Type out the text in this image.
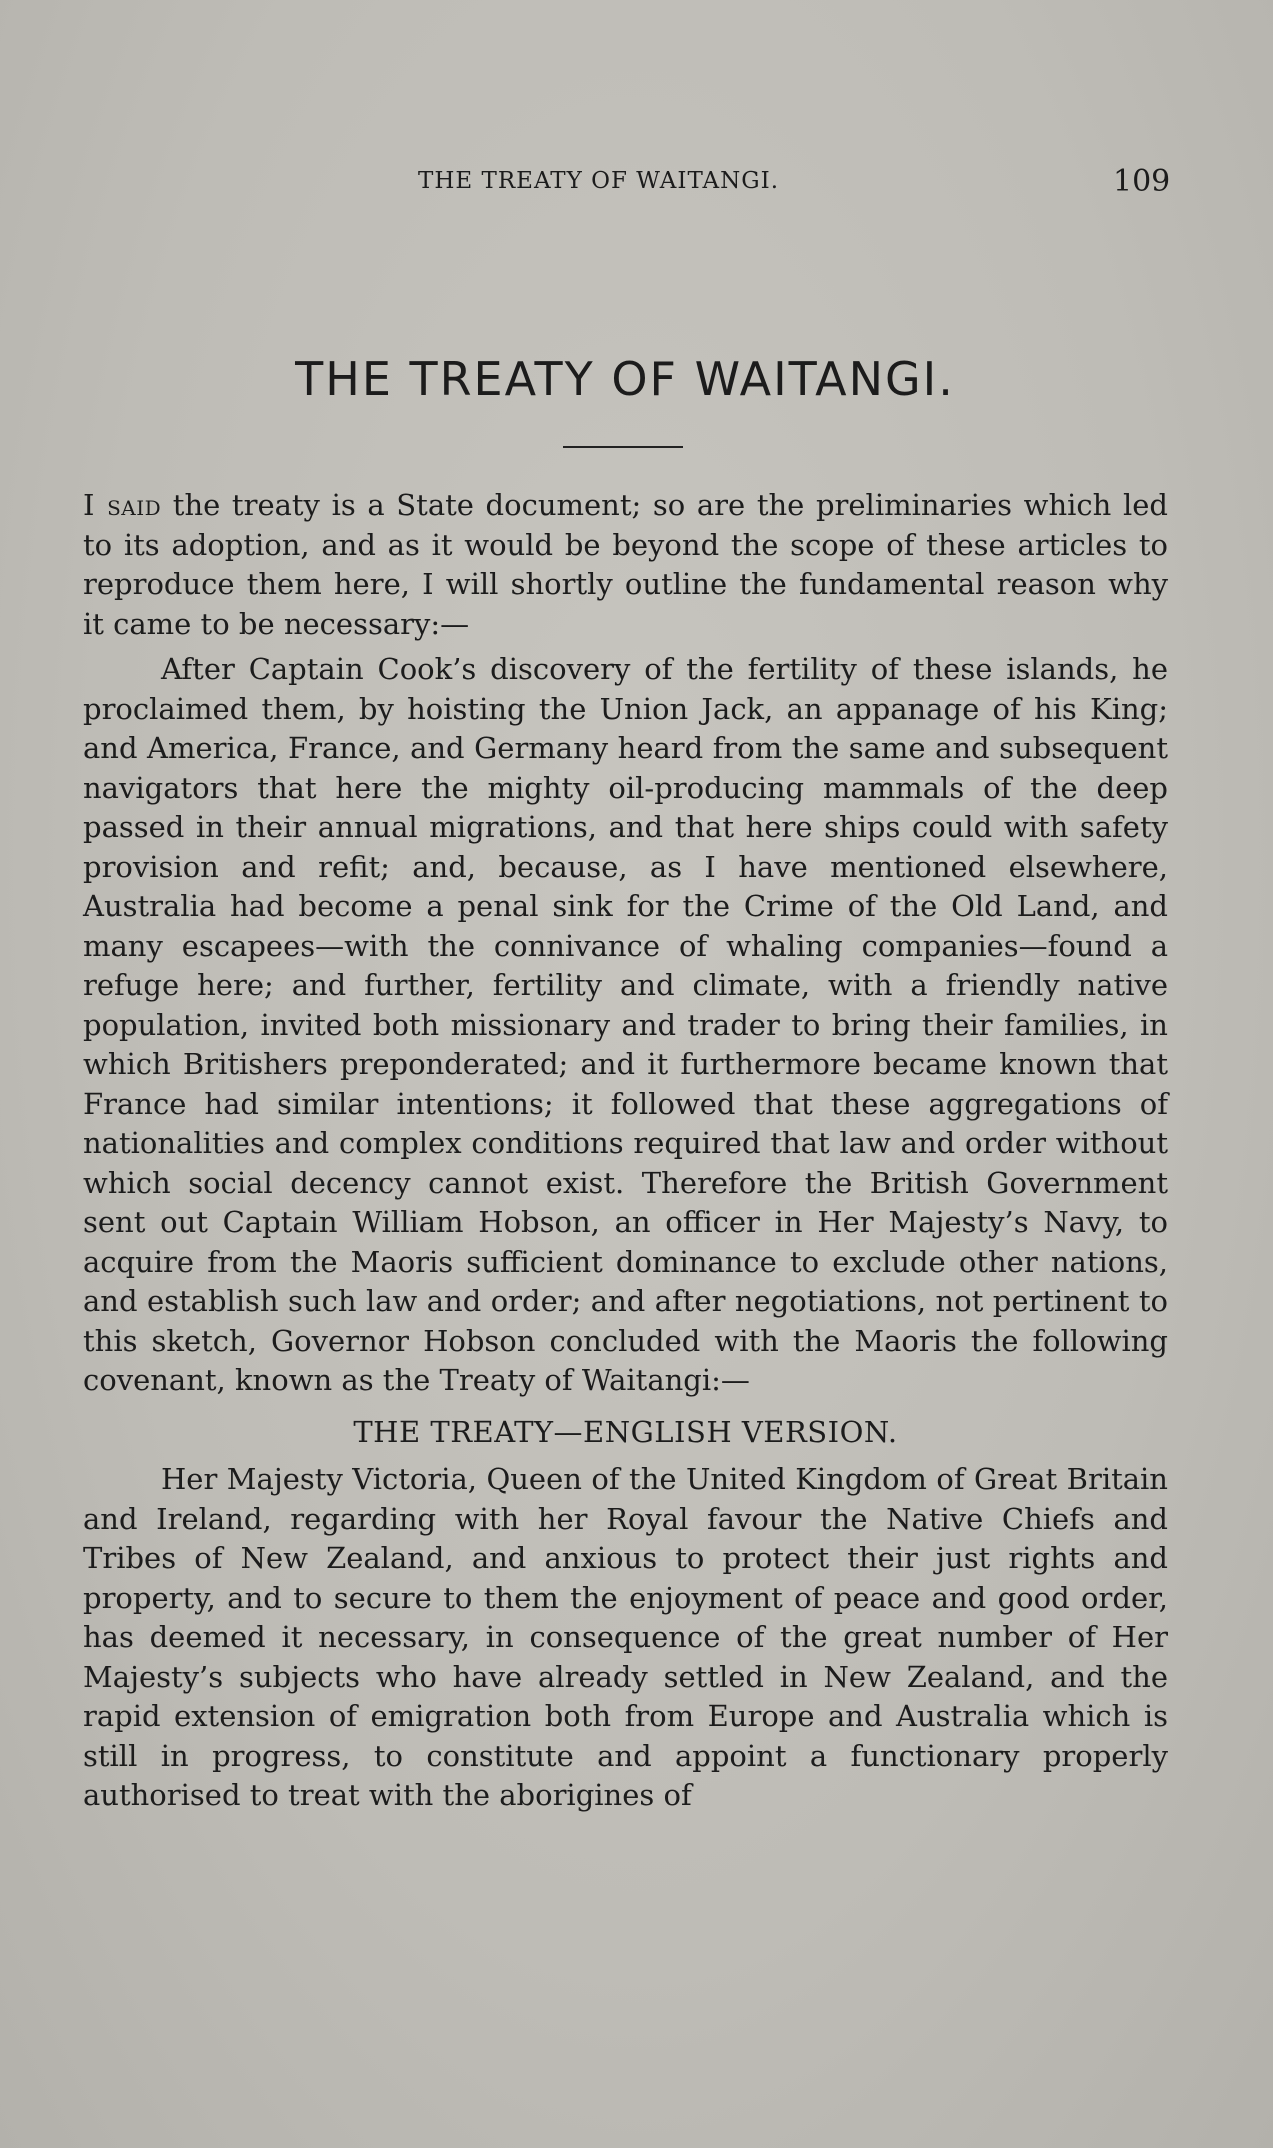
THE TREATY OF WAITANGI.	109
THE TREATY OF WAITANGI.

I said the treaty is a State document; so are the preliminaries which led to its adoption, and as it would be beyond the scope of these articles to reproduce them here, I will shortly outline the fundamental reason why it came to be necessary:—

After Captain Cook’s discovery of the fertility of these islands, he proclaimed them, by hoisting the Union Jack, an appanage of his King; and America, France, and Germany heard from the same and subsequent navigators that here the mighty oil-producing mammals of the deep passed in their annual migrations, and that here ships could with safety provision and refit; and, because, as I have mentioned elsewhere, Australia had become a penal sink for the Crime of the Old Land, and many escapees—with the connivance of whaling companies—found a refuge here; and further, fertility and climate, with a friendly native population, invited both missionary and trader to bring their families, in which Britishers preponderated; and it furthermore became known that France had similar intentions; it followed that these aggregations of nationalities and complex conditions required that law and order without which social decency cannot exist. Therefore the British Government sent out Captain William Hobson, an officer in Her Majesty’s Navy, to acquire from the Maoris sufficient dominance to exclude other nations, and establish such law and order; and after negotiations, not pertinent to this sketch, Governor Hobson concluded with the Maoris the following covenant, known as the Treaty of Waitangi:—

THE TREATY—ENGLISH VERSION.

Her Majesty Victoria, Queen of the United Kingdom of Great Britain and Ireland, regarding with her Royal favour the Native Chiefs and Tribes of New Zealand, and anxious to protect their just rights and property, and to secure to them the enjoyment of peace and good order, has deemed it necessary, in consequence of the great number of Her Majesty’s subjects who have already settled in New Zealand, and the rapid extension of emigration both from Europe and Australia which is still in progress, to constitute and appoint a functionary properly authorised to treat with the aborigines of
